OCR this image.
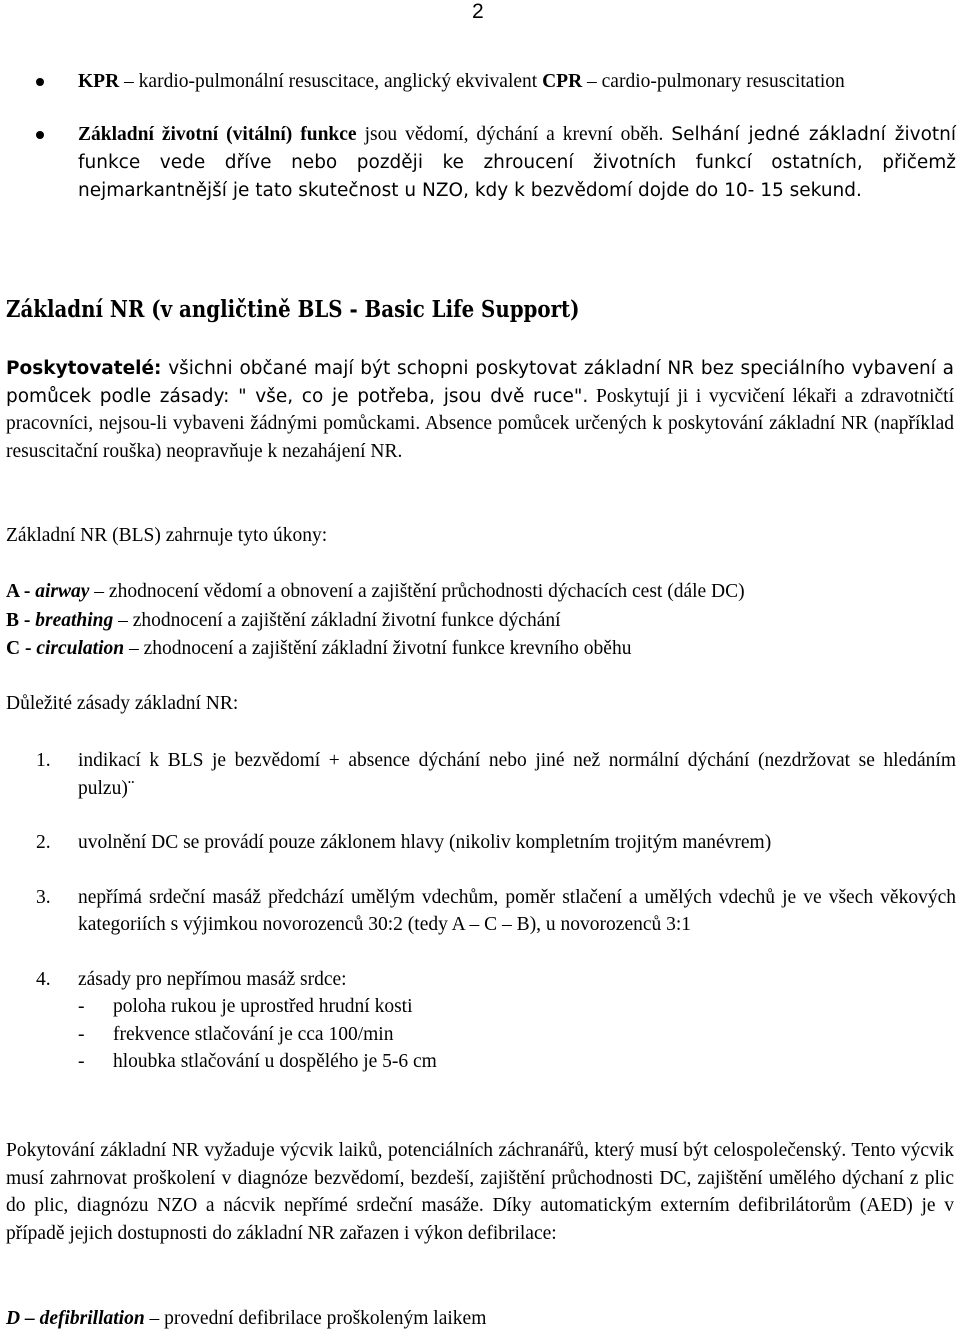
2
KPR – kardio-pulmonální resuscitace, anglický ekvivalent CPR – cardio-pulmonary resuscitation
Základní životní (vitální) funkce jsou vědomí, dýchání a krevní oběh. Selhání jedné základní životní funkce vede dříve nebo později ke zhroucení životních funkcí ostatních, přičemž nejmarkantnější je tato skutečnost u NZO, kdy k bezvědomí dojde do 10- 15 sekund.
Základní NR (v angličtině BLS - Basic Life Support)
Poskytovatelé: všichni občané mají být schopni poskytovat základní NR bez speciálního vybavení a pomůcek podle zásady: " vše, co je potřeba, jsou dvě ruce". Poskytují ji i vycvičení lékaři a zdravotničtí pracovníci, nejsou-li vybaveni žádnými pomůckami. Absence pomůcek určených k poskytování základní NR (například resuscitační rouška) neopravňuje k nezahájení NR.
Základní NR (BLS) zahrnuje tyto úkony:
A - airway – zhodnocení vědomí a obnovení a zajištění průchodnosti dýchacích cest (dále DC)
B - breathing – zhodnocení a zajištění základní životní funkce dýchání
C - circulation – zhodnocení a zajištění základní životní funkce krevního oběhu
Důležité zásady základní NR:
1. indikací k BLS je bezvědomí + absence dýchání nebo jiné než normální dýchání (nezdržovat se hledáním pulzu)¨
2. uvolnění DC se provádí pouze záklonem hlavy (nikoliv kompletním trojitým manévrem)
3. nepřímá srdeční masáž předchází umělým vdechům, poměr stlačení a umělých vdechů je ve všech věkových kategoriích s výjimkou novorozenců 30:2 (tedy A – C – B), u novorozenců 3:1
4. zásady pro nepřímou masáž srdce:
- poloha rukou je uprostřed hrudní kosti
- frekvence stlačování je cca 100/min
- hloubka stlačování u dospělého je 5-6 cm
Pokytování základní NR vyžaduje výcvik laiků, potenciálních záchranářů, který musí být celospolečenský. Tento výcvik musí zahrnovat proškolení v diagnóze bezvědomí, bezdeší, zajištění průchodnosti DC, zajištění umělého dýchaní z plic do plic, diagnózu NZO a nácvik nepřímé srdeční masáže. Díky automatickým externím defibrilátorům (AED) je v případě jejich dostupnosti do základní NR zařazen i výkon defibrilace:
D – defibrillation – provední defibrilace proškoleným laikem
